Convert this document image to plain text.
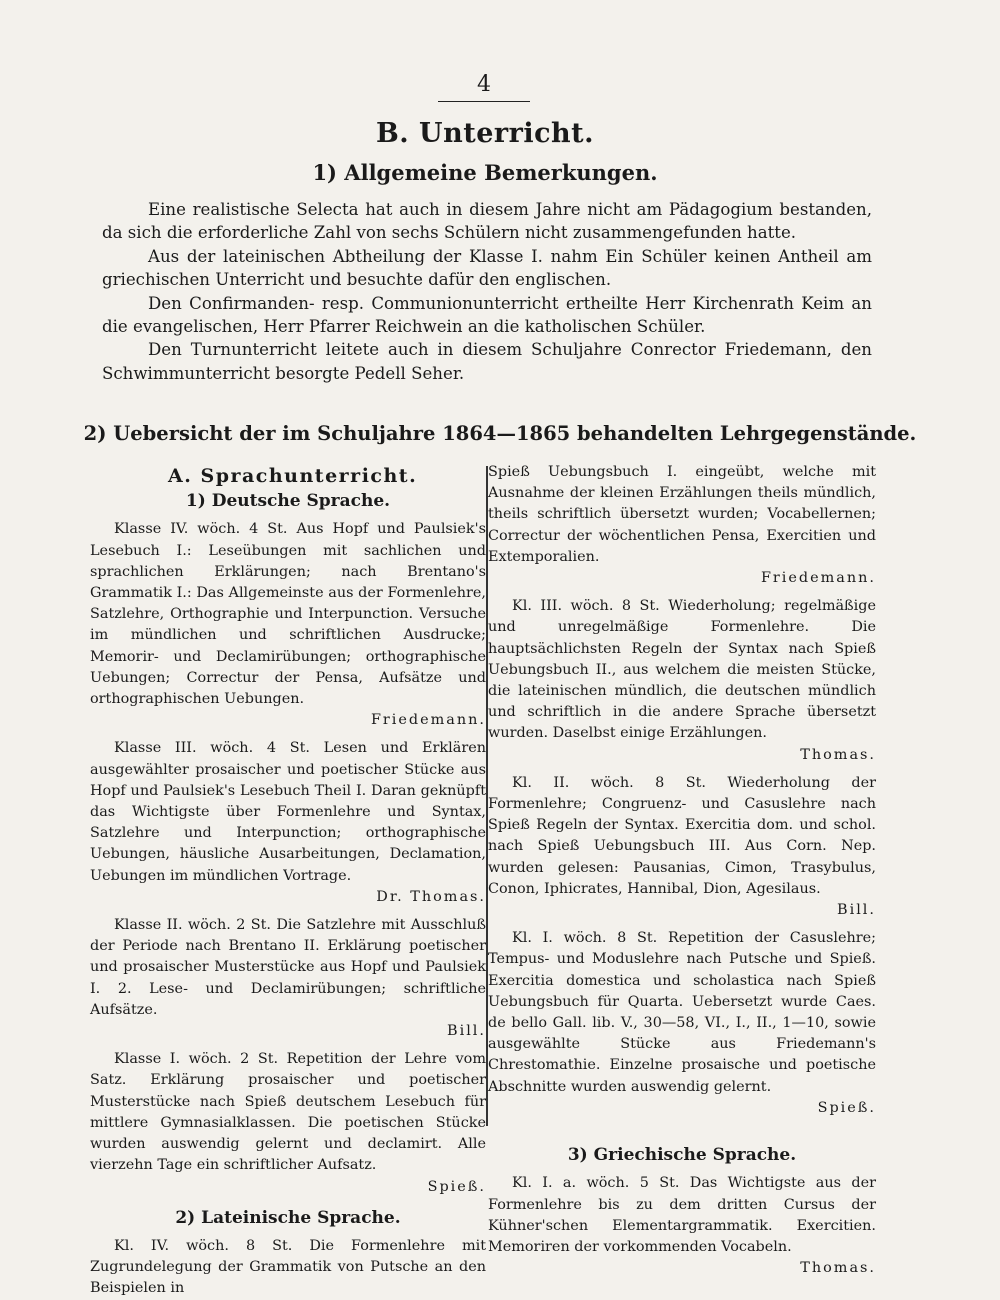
4
B. Unterricht.
1) Allgemeine Bemerkungen.

Eine realistische Selecta hat auch in diesem Jahre nicht am Pädagogium bestanden, da sich die erforderliche Zahl von sechs Schülern nicht zusammengefunden hatte.

Aus der lateinischen Abtheilung der Klasse I. nahm Ein Schüler keinen Antheil am griechischen Unterricht und besuchte dafür den englischen.

Den Confirmanden- resp. Communionunterricht ertheilte Herr Kirchenrath Keim an die evangelischen, Herr Pfarrer Reichwein an die katholischen Schüler.

Den Turnunterricht leitete auch in diesem Schuljahre Conrector Friedemann, den Schwimmunterricht besorgte Pedell Seher.

2) Uebersicht der im Schuljahre 1864—1865 behandelten Lehrgegenstände.
A. Sprachunterricht.
1) Deutsche Sprache.

Klasse IV. wöch. 4 St. Aus Hopf und Paulsiek's Lesebuch I.: Leseübungen mit sachlichen und sprachlichen Erklärungen; nach Brentano's Grammatik I.: Das Allgemeinste aus der Formenlehre, Satzlehre, Orthographie und Interpunction. Versuche im mündlichen und schriftlichen Ausdrucke; Memorir- und Declamirübungen; orthographische Uebungen; Correctur der Pensa, Aufsätze und orthographischen Uebungen.

Friedemann.

Klasse III. wöch. 4 St. Lesen und Erklären ausgewählter prosaischer und poetischer Stücke aus Hopf und Paulsiek's Lesebuch Theil I. Daran geknüpft das Wichtigste über Formenlehre und Syntax, Satzlehre und Interpunction; orthographische Uebungen, häusliche Ausarbeitungen, Declamation, Uebungen im mündlichen Vortrage.

Dr. Thomas.

Klasse II. wöch. 2 St. Die Satzlehre mit Ausschluß der Periode nach Brentano II. Erklärung poetischer und prosaischer Musterstücke aus Hopf und Paulsiek I. 2. Lese- und Declamirübungen; schriftliche Aufsätze.

Bill.

Klasse I. wöch. 2 St. Repetition der Lehre vom Satz. Erklärung prosaischer und poetischer Musterstücke nach Spieß deutschem Lesebuch für mittlere Gymnasialklassen. Die poetischen Stücke wurden auswendig gelernt und declamirt. Alle vierzehn Tage ein schriftlicher Aufsatz.

Spieß.

2) Lateinische Sprache.

Kl. IV. wöch. 8 St. Die Formenlehre mit Zugrundelegung der Grammatik von Putsche an den Beispielen in

Spieß Uebungsbuch I. eingeübt, welche mit Ausnahme der kleinen Erzählungen theils mündlich, theils schriftlich übersetzt wurden; Vocabellernen; Correctur der wöchentlichen Pensa, Exercitien und Extemporalien.

Friedemann.

Kl. III. wöch. 8 St. Wiederholung; regelmäßige und unregelmäßige Formenlehre. Die hauptsächlichsten Regeln der Syntax nach Spieß Uebungsbuch II., aus welchem die meisten Stücke, die lateinischen mündlich, die deutschen mündlich und schriftlich in die andere Sprache übersetzt wurden. Daselbst einige Erzählungen.

Thomas.

Kl. II. wöch. 8 St. Wiederholung der Formenlehre; Congruenz- und Casuslehre nach Spieß Regeln der Syntax. Exercitia dom. und schol. nach Spieß Uebungsbuch III. Aus Corn. Nep. wurden gelesen: Pausanias, Cimon, Trasybulus, Conon, Iphicrates, Hannibal, Dion, Agesilaus.

Bill.

Kl. I. wöch. 8 St. Repetition der Casuslehre; Tempus- und Moduslehre nach Putsche und Spieß. Exercitia domestica und scholastica nach Spieß Uebungsbuch für Quarta. Uebersetzt wurde Caes. de bello Gall. lib. V., 30—58, VI., I., II., 1—10, sowie ausgewählte Stücke aus Friedemann's Chrestomathie. Einzelne prosaische und poetische Abschnitte wurden auswendig gelernt.

Spieß.

3) Griechische Sprache.

Kl. I. a. wöch. 5 St. Das Wichtigste aus der Formenlehre bis zu dem dritten Cursus der Kühner'schen Elementargrammatik. Exercitien. Memoriren der vorkommenden Vocabeln.

Thomas.
